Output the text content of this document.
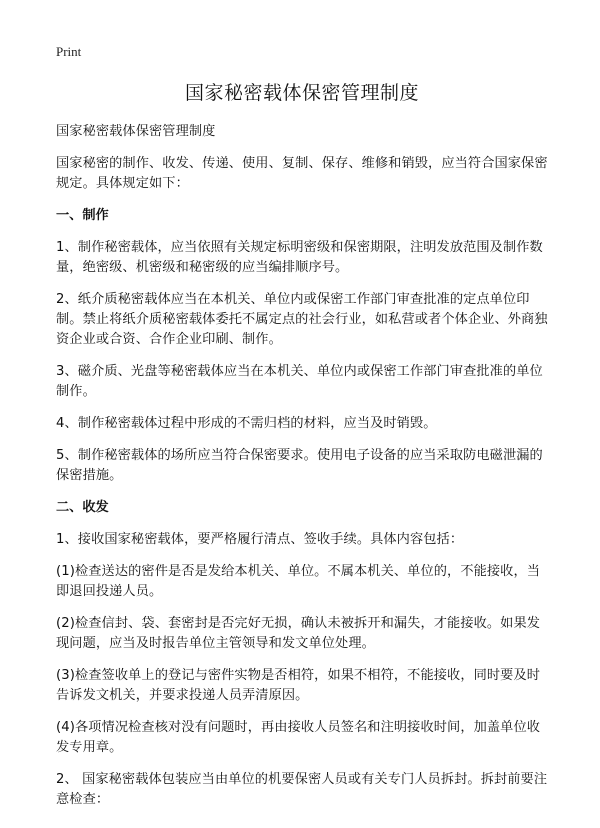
Print
国家秘密载体保密管理制度

国家秘密载体保密管理制度

国家秘密的制作、收发、传递、使用、复制、保存、维修和销毁，应当符合国家保密规定。具体规定如下：

一、制作

1、制作秘密载体，应当依照有关规定标明密级和保密期限，注明发放范围及制作数量，绝密级、机密级和秘密级的应当编排顺序号。

2、纸介质秘密载体应当在本机关、单位内或保密工作部门审查批准的定点单位印制。禁止将纸介质秘密载体委托不属定点的社会行业，如私营或者个体企业、外商独资企业或合资、合作企业印刷、制作。

3、磁介质、光盘等秘密载体应当在本机关、单位内或保密工作部门审查批准的单位制作。

4、制作秘密载体过程中形成的不需归档的材料，应当及时销毁。

5、制作秘密载体的场所应当符合保密要求。使用电子设备的应当采取防电磁泄漏的保密措施。

二、收发

1、接收国家秘密载体，要严格履行清点、签收手续。具体内容包括：

(1)检查送达的密件是否是发给本机关、单位。不属本机关、单位的，不能接收，当即退回投递人员。

(2)检查信封、袋、套密封是否完好无损，确认未被拆开和漏失，才能接收。如果发现问题，应当及时报告单位主管领导和发文单位处理。

(3)检查签收单上的登记与密件实物是否相符，如果不相符，不能接收，同时要及时告诉发文机关，并要求投递人员弄清原因。

(4)各项情况检查核对没有问题时，再由接收人员签名和注明接收时间，加盖单位收发专用章。

2、 国家秘密载体包装应当由单位的机要保密人员或有关专门人员拆封。拆封前要注意检查：
